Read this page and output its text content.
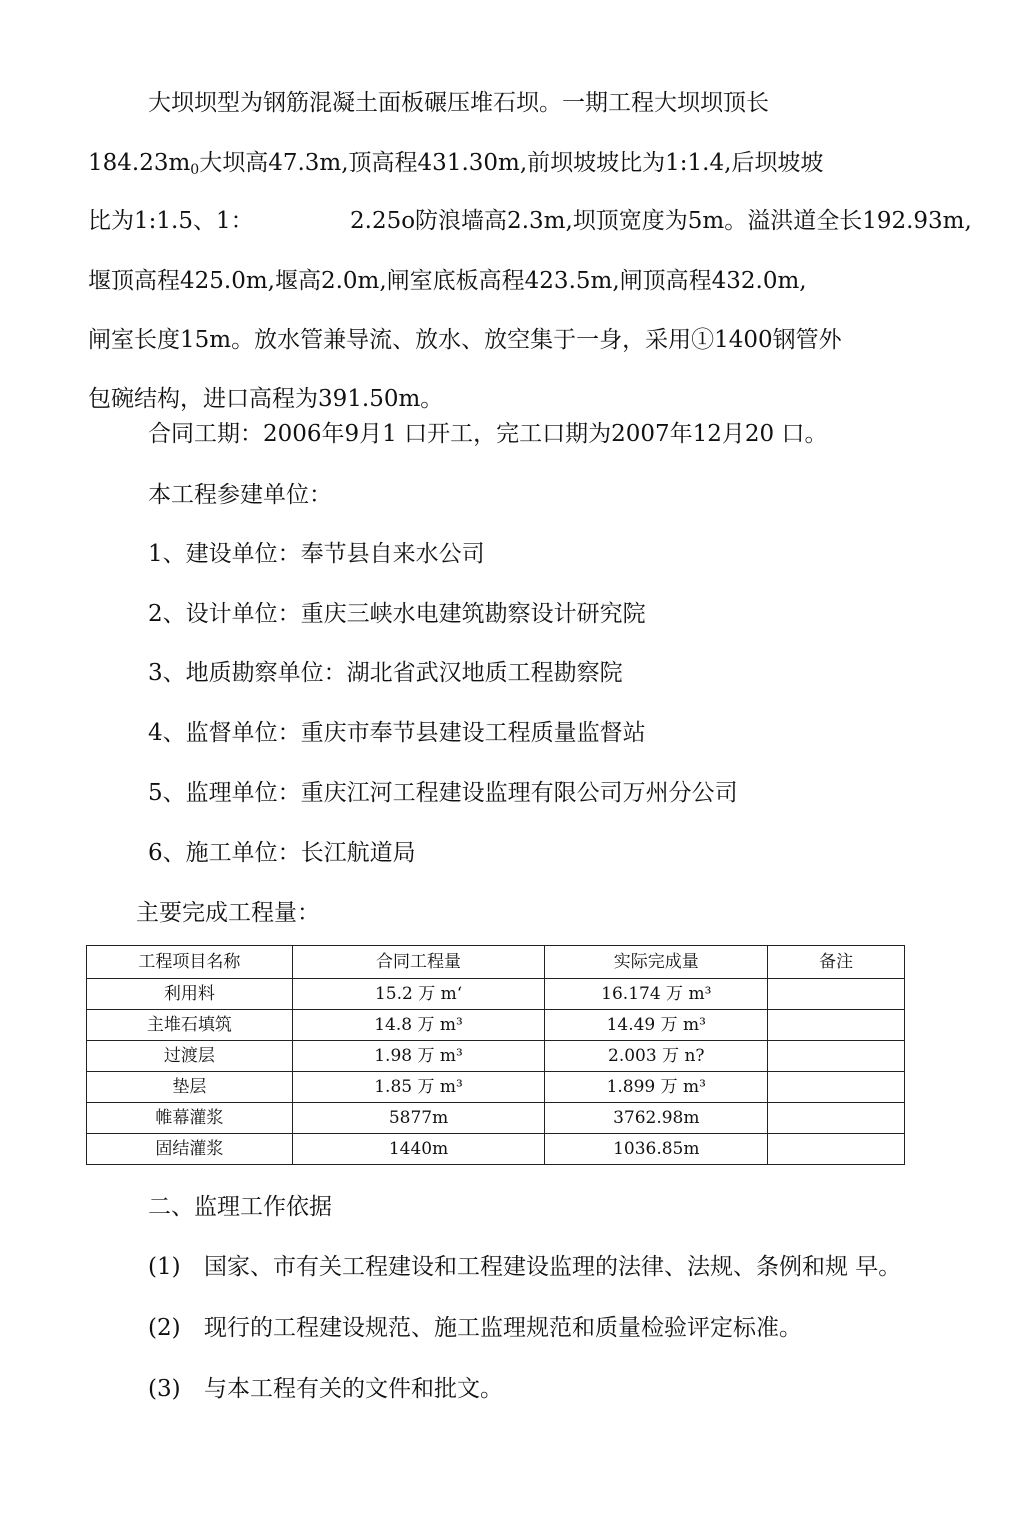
大坝坝型为钢筋混凝土面板碾压堆石坝。一期工程大坝坝顶长
$184.23m_0$大坝高47.3m,顶高程431.30m,前坝坡坡比为1:1.4,后坝坡坡
比为1:1.5、1：	2.25o防浪墙高2.3m,坝顶宽度为5m。溢洪道全长192.93m,
堰顶高程425.0m,堰高2.0m,闸室底板高程423.5m,闸顶高程432.0m,
闸室长度15m。放水管兼导流、放水、放空集于一身，采用①1400钢管外
包碗结构，进口高程为391.50m。
合同工期：2006年9月1 口开工，完工口期为2007年12月20 口。
本工程参建单位：
1、建设单位：奉节县自来水公司
2、设计单位：重庆三峡水电建筑勘察设计研究院
3、地质勘察单位：湖北省武汉地质工程勘察院
4、监督单位：重庆市奉节县建设工程质量监督站
5、监理单位：重庆江河工程建设监理有限公司万州分公司
6、施工单位：长江航道局
主要完成工程量：
工程项目名称	合同工程量	实际完成量	备注
利用料	15.2 万 m‘	16.174 万 m³	
主堆石填筑	14.8 万 m³	14.49 万 m³	
过渡层	1.98 万 m³	2.003 万 n?	
垫层	1.85 万 m³	1.899 万 m³	
帷幕灌浆	5877m	3762.98m	
固结灌浆	1440m	1036.85m	
二、监理工作依据
(1) 国家、市有关工程建设和工程建设监理的法律、法规、条例和规 早。
(2) 现行的工程建设规范、施工监理规范和质量检验评定标准。
(3) 与本工程有关的文件和批文。
